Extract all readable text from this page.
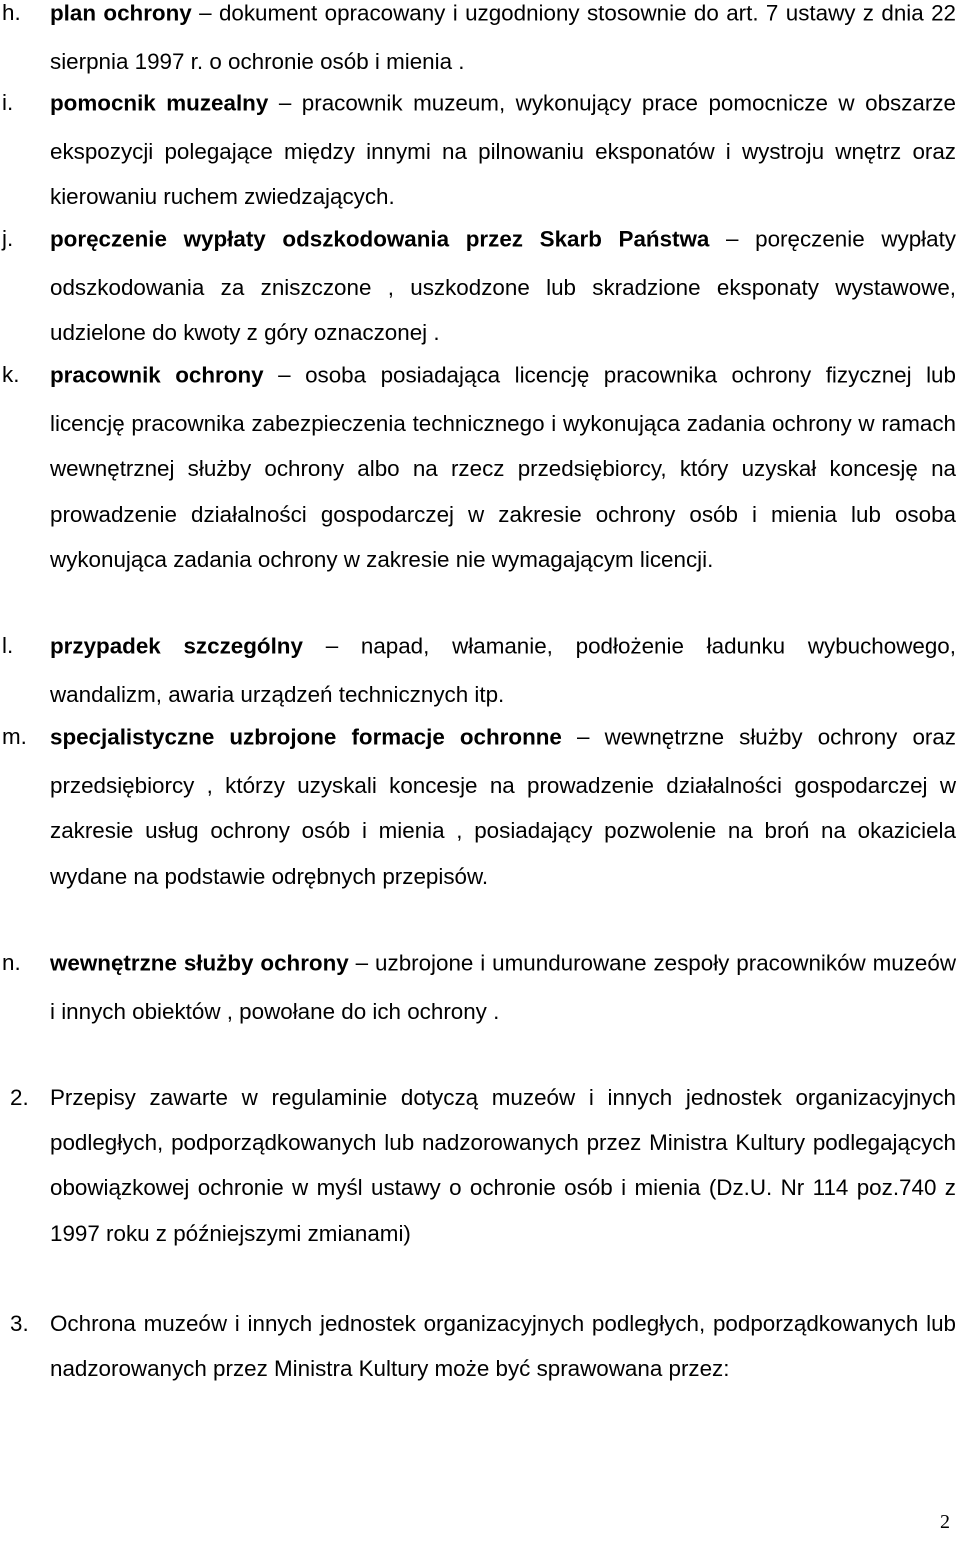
h. plan ochrony – dokument opracowany i uzgodniony stosownie do art. 7 ustawy z dnia 22 sierpnia 1997 r. o ochronie osób i mienia .
i. pomocnik muzealny – pracownik muzeum, wykonujący prace pomocnicze w obszarze ekspozycji polegające między innymi na pilnowaniu eksponatów i wystroju wnętrz oraz kierowaniu ruchem zwiedzających.
j. poręczenie wypłaty odszkodowania przez Skarb Państwa – poręczenie wypłaty odszkodowania za zniszczone , uszkodzone lub skradzione eksponaty wystawowe, udzielone do kwoty z góry oznaczonej .
k. pracownik ochrony – osoba posiadająca licencję pracownika ochrony fizycznej lub licencję pracownika zabezpieczenia technicznego i wykonująca zadania ochrony w ramach wewnętrznej służby ochrony albo na rzecz przedsiębiorcy, który uzyskał koncesję na prowadzenie działalności gospodarczej w zakresie ochrony osób i mienia lub osoba wykonująca zadania ochrony w zakresie nie wymagającym licencji.
l. przypadek szczególny – napad, włamanie, podłożenie ładunku wybuchowego, wandalizm, awaria urządzeń technicznych itp.
m. specjalistyczne uzbrojone formacje ochronne – wewnętrzne służby ochrony oraz przedsiębiorcy , którzy uzyskali koncesje na prowadzenie działalności gospodarczej w zakresie usług ochrony osób i mienia , posiadający pozwolenie na broń na okaziciela wydane na podstawie odrębnych przepisów.
n. wewnętrzne służby ochrony – uzbrojone i umundurowane zespoły pracowników muzeów i innych obiektów , powołane do ich ochrony .
2. Przepisy zawarte w regulaminie dotyczą muzeów i innych jednostek organizacyjnych podległych, podporządkowanych lub nadzorowanych przez Ministra Kultury podlegających obowiązkowej ochronie w myśl ustawy o ochronie osób i mienia (Dz.U. Nr 114 poz.740 z 1997 roku z późniejszymi zmianami)
3. Ochrona muzeów i innych jednostek organizacyjnych podległych, podporządkowanych lub nadzorowanych przez Ministra Kultury może być sprawowana przez:
2
